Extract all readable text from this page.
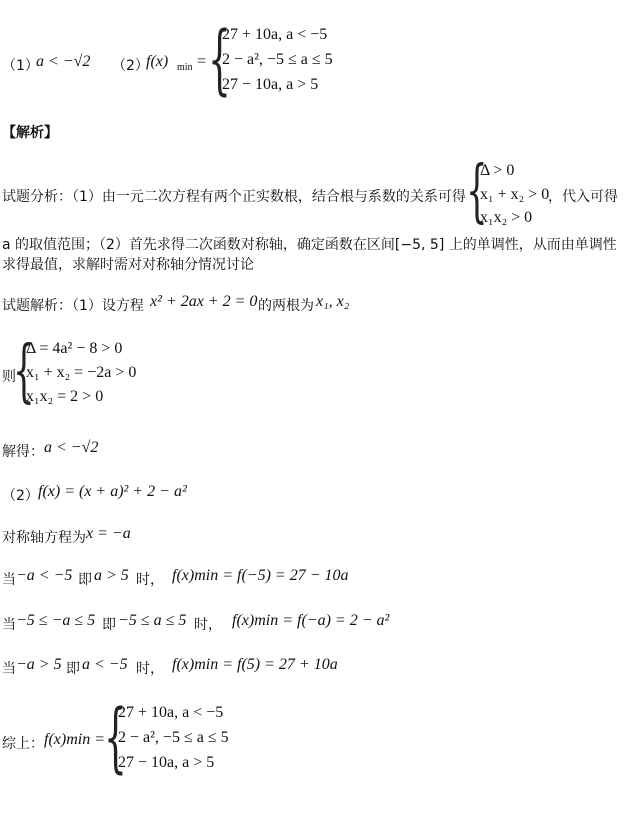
（1）
a < −√2 （2）
f(x) min = {
27 + 10a, a < −5
2 − a², −5 ≤ a ≤ 5
27 − 10a, a > 5
【解析】
试题分析：（1）由一元二次方程有两个正实数根，结合根与系数的关系可得 {
Δ > 0
x₁ + x₂ > 0
x₁x₂ > 0
，代入可得
a 的取值范围；（2）首先求得二次函数对称轴，确定函数在区间[−5, 5] 上的单调性，从而由单调性
求得最值，求解时需对对称轴分情况讨论
试题解析：（1）设方程 x² + 2ax + 2 = 0 的两根为 x₁, x₂
则
{
Δ = 4a² − 8 > 0
x₁ + x₂ = −2a > 0
x₁x₂ = 2 > 0
解得： a < −√2
（2） f(x) = (x + a)² + 2 − a²
对称轴方程为 x = −a
当 −a < −5 即 a > 5 时， f(x)min = f(−5) = 27 − 10a
当 −5 ≤ −a ≤ 5 即 −5 ≤ a ≤ 5 时， f(x)min = f(−a) = 2 − a²
当 −a > 5 即 a < −5 时， f(x)min = f(5) = 27 + 10a
综上： f(x)min = {
27 + 10a, a < −5
2 − a², −5 ≤ a ≤ 5
27 − 10a, a > 5
